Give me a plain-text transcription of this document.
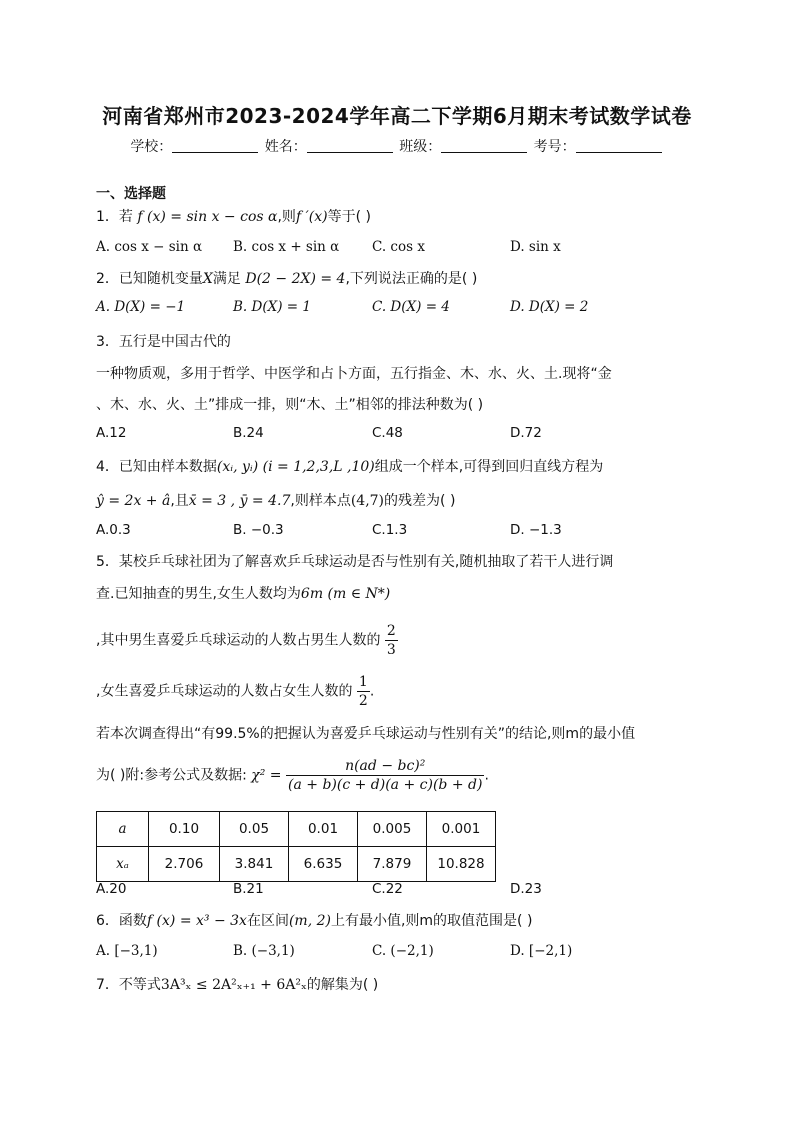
河南省郑州市2023-2024学年高二下学期6月期末考试数学试卷
学校：	姓名：	班级：	考号：
一、选择题
1．若 f (x) = sin x − cos α,则f ′(x)等于( )
A. cos x − sin α B. cos x + sin α C. cos x	D. sin x
2．已知随机变量X满足 D(2 − 2X) = 4,下列说法正确的是( )
A. D(X) = −1	B. D(X) = 1	C. D(X) = 4	D. D(X) = 2
3．五行是中国古代的
一种物质观，多用于哲学、中医学和占卜方面，五行指金、木、水、火、土.现将“金
、木、水、火、土”排成一排，则“木、土”相邻的排法种数为( )
A.12	B.24	C.48	D.72
4．已知由样本数据(xᵢ, yᵢ) (i = 1,2,3,L ,10)组成一个样本,可得到回归直线方程为
ŷ = 2x + â,且x̄ = 3 , ȳ = 4.7,则样本点(4,7)的残差为( )
A.0.3	B. −0.3	C.1.3	D. −1.3
5．某校乒乓球社团为了解喜欢乒乓球运动是否与性别有关,随机抽取了若干人进行调
查.已知抽查的男生,女生人数均为6m (m ∈ N*)
,其中男生喜爱乒乓球运动的人数占男生人数的 $\frac{2}{3}$
,女生喜爱乒乓球运动的人数占女生人数的 $\frac{1}{2}$ .
若本次调查得出“有99.5%的把握认为喜爱乒乓球运动与性别有关”的结论,则m的最小值
为( )附:参考公式及数据: $\chi^2 = \frac{\text{n(ad − bc)²}}{(a + b)(c + d)(a + c)(b + d)}$ .
a	0.10	0.05	0.01	0.005	0.001
xₐ	2.706	3.841	6.635	7.879	10.828
A.20	B.21	C.22	D.23
6．函数f (x) = x³ − 3x在区间(m, 2)上有最小值,则m的取值范围是( )
A. [−3,1)	B. (−3,1)	C. (−2,1)	D. [−2,1)
7．不等式3A³ₓ ≤ 2A²ₓ₊₁ + 6A²ₓ的解集为( )
